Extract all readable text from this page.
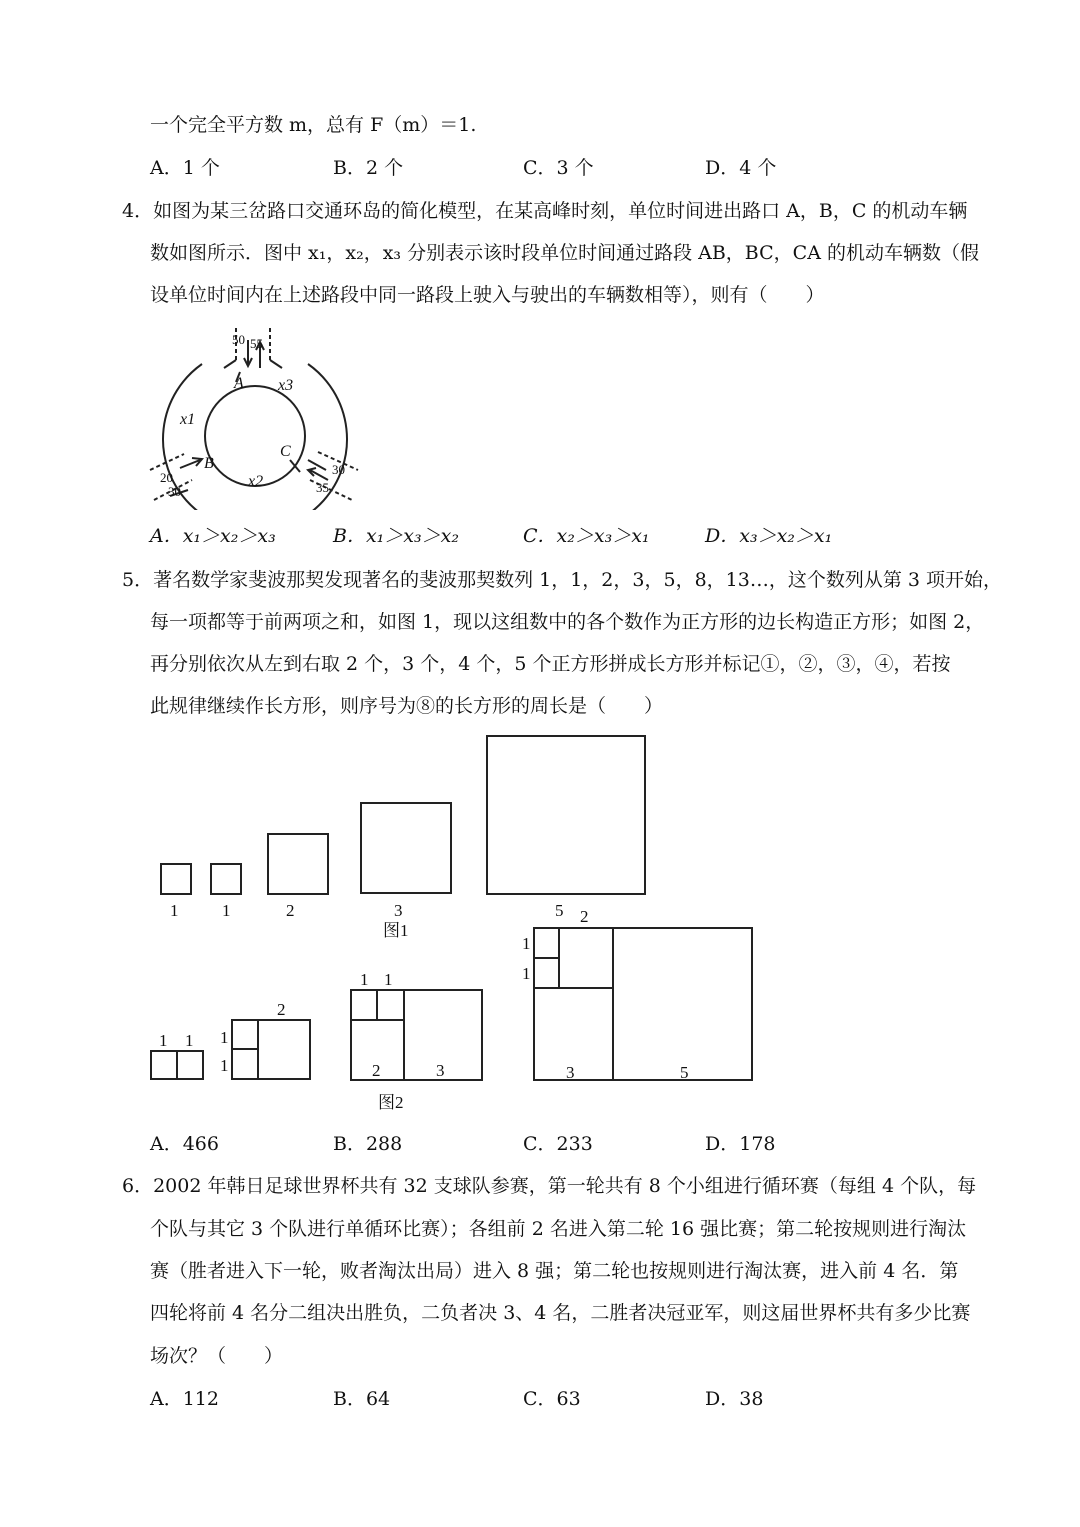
一个完全平方数 m，总有 F（m）＝1.
A．1 个	B．2 个	C．3 个	D．4 个
4．如图为某三岔路口交通环岛的简化模型，在某高峰时刻，单位时间进出路口 A，B，C 的机动车辆
数如图所示．图中 x₁，x₂，x₃ 分别表示该时段单位时间通过路段 AB，BC，CA 的机动车辆数（假
设单位时间内在上述路段中同一路段上驶入与驶出的车辆数相等），则有（　　）
50 55
A x3
x1
B
C
x2
20
30
30
35
A．x₁＞x₂＞x₃	B．x₁＞x₃＞x₂	C．x₂＞x₃＞x₁	D．x₃＞x₂＞x₁
5．著名数学家斐波那契发现著名的斐波那契数列 1，1，2，3，5，8，13…，这个数列从第 3 项开始，
每一项都等于前两项之和，如图 1，现以这组数中的各个数作为正方形的边长构造正方形；如图 2，
再分别依次从左到右取 2 个，3 个，4 个，5 个正方形拼成长方形并标记①，②，③，④，若按
此规律继续作长方形，则序号为⑧的长方形的周长是（　　）
1	1	2	3	5
图1
1 1 1
1
2
1 1
2	3
图2
1
1
2
3	5
A．466	B．288	C．233	D．178
6．2002 年韩日足球世界杯共有 32 支球队参赛，第一轮共有 8 个小组进行循环赛（每组 4 个队，每
个队与其它 3 个队进行单循环比赛）；各组前 2 名进入第二轮 16 强比赛；第二轮按规则进行淘汰
赛（胜者进入下一轮，败者淘汰出局）进入 8 强；第二轮也按规则进行淘汰赛，进入前 4 名．第
四轮将前 4 名分二组决出胜负，二负者决 3、4 名，二胜者决冠亚军，则这届世界杯共有多少比赛
场次？（　　）
A．112	B．64	C．63	D．38
